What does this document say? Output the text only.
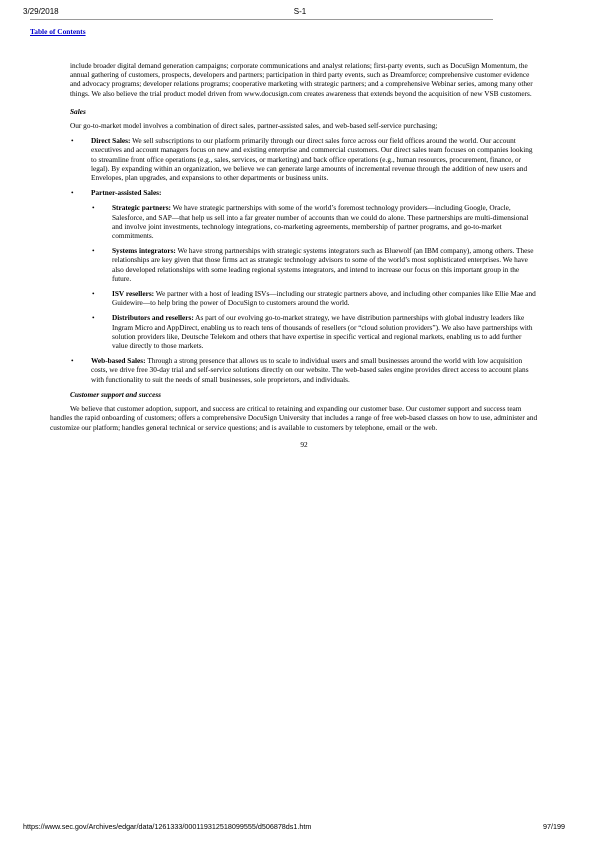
3/29/2018	S-1
Table of Contents

include broader digital demand generation campaigns; corporate communications and analyst relations; first-party events, such as DocuSign Momentum, the annual gathering of customers, prospects, developers and partners; participation in third party events, such as Dreamforce; comprehensive customer evidence and advocacy programs; developer relations programs; cooperative marketing with strategic partners; and a comprehensive Webinar series, among many other things. We also believe the trial product model driven from www.docusign.com creates awareness that extends beyond the acquisition of new VSB customers.

Sales

Our go-to-market model involves a combination of direct sales, partner-assisted sales, and web-based self-service purchasing;

• Direct Sales: We sell subscriptions to our platform primarily through our direct sales force across our field offices around the world. Our account executives and account managers focus on new and existing enterprise and commercial customers. Our direct sales team focuses on companies looking to streamline front office operations (e.g., sales, services, or marketing) and back office operations (e.g., human resources, procurement, finance, or legal). By expanding within an organization, we believe we can generate large amounts of incremental revenue through the addition of new users and Envelopes, plan upgrades, and expansions to other departments or business units.
• Partner-assisted Sales:
• Strategic partners: We have strategic partnerships with some of the world’s foremost technology providers—including Google, Oracle, Salesforce, and SAP—that help us sell into a far greater number of accounts than we could do alone. These partnerships are multi-dimensional and involve joint investments, technology integrations, co-marketing agreements, membership of partner programs, and go-to-market commitments.
• Systems integrators: We have strong partnerships with strategic systems integrators such as Bluewolf (an IBM company), among others. These relationships are key given that those firms act as strategic technology advisors to some of the world’s most sophisticated enterprises. We have also developed relationships with some leading regional systems integrators, and intend to increase our focus on this important group in the future.
• ISV resellers: We partner with a host of leading ISVs—including our strategic partners above, and including other companies like Ellie Mae and Guidewire—to help bring the power of DocuSign to customers around the world.
• Distributors and resellers: As part of our evolving go-to-market strategy, we have distribution partnerships with global industry leaders like Ingram Micro and AppDirect, enabling us to reach tens of thousands of resellers (or “cloud solution providers”). We also have partnerships with solution providers like, Deutsche Telekom and others that have expertise in specific vertical and regional markets, enabling us to add further value directly to those markets.
• Web-based Sales: Through a strong presence that allows us to scale to individual users and small businesses around the world with low acquisition costs, we drive free 30-day trial and self-service solutions directly on our website. The web-based sales engine provides direct access to account plans with functionality to suit the needs of small businesses, sole proprietors, and individuals.

Customer support and success

We believe that customer adoption, support, and success are critical to retaining and expanding our customer base. Our customer support and success team handles the rapid onboarding of customers; offers a comprehensive DocuSign University that includes a range of free web-based classes on how to use, administer and customize our platform; handles general technical or service questions; and is available to customers by telephone, email or the web.

92

https://www.sec.gov/Archives/edgar/data/1261333/000119312518099555/d506878ds1.htm	97/199
